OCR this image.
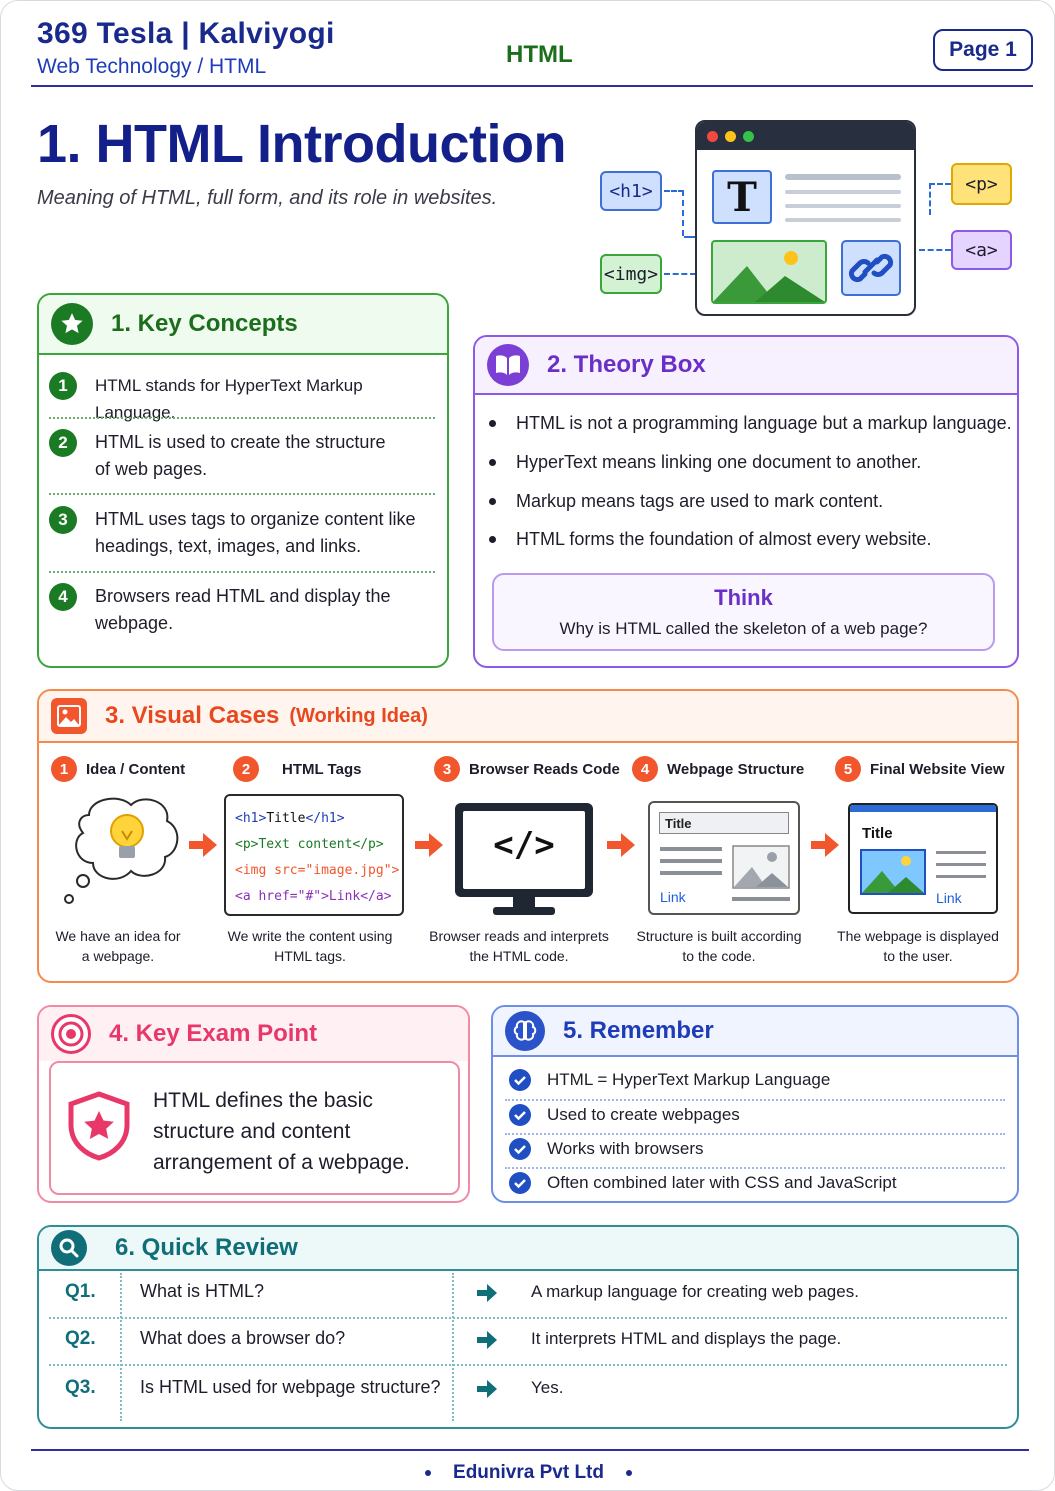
369 Tesla | Kalviyogi
Web Technology / HTML	HTML	Page 1
1. HTML Introduction
Meaning of HTML, full form, and its role in websites.	<h1>
<img>
<p>
<a>
T
1. Key Concepts
1	HTML stands for HyperText Markup Language.
2	HTML is used to create the structure of web pages.
3	HTML uses tags to organize content like headings, text, images, and links.
4	Browsers read HTML and display the webpage.
2. Theory Box
HTML is not a programming language but a markup language.
HyperText means linking one document to another.
Markup means tags are used to mark content.
HTML forms the foundation of almost every website.
Think
Why is HTML called the skeleton of a web page?
3. Visual Cases (Working Idea)
1	Idea / Content	2	HTML Tags	3	Browser Reads Code	4	Webpage Structure	5	Final Website View
We have an idea for a webpage.
<h1>Title</h1>
<p>Text content</p>
<img src="image.jpg">
<a href="#">Link</a>
We write the content using HTML tags.
</>
Browser reads and interprets the HTML code.
Title
Link
Structure is built according to the code.
Title
Link
The webpage is displayed to the user.
4. Key Exam Point
HTML defines the basic structure and content arrangement of a webpage.
5. Remember
HTML = HyperText Markup Language
Used to create webpages
Works with browsers
Often combined later with CSS and JavaScript
6. Quick Review
Q1. What is HTML?	A markup language for creating web pages.
Q2. What does a browser do?	It interprets HTML and displays the page.
Q3. Is HTML used for webpage structure?	Yes.
Edunivra Pvt Ltd
